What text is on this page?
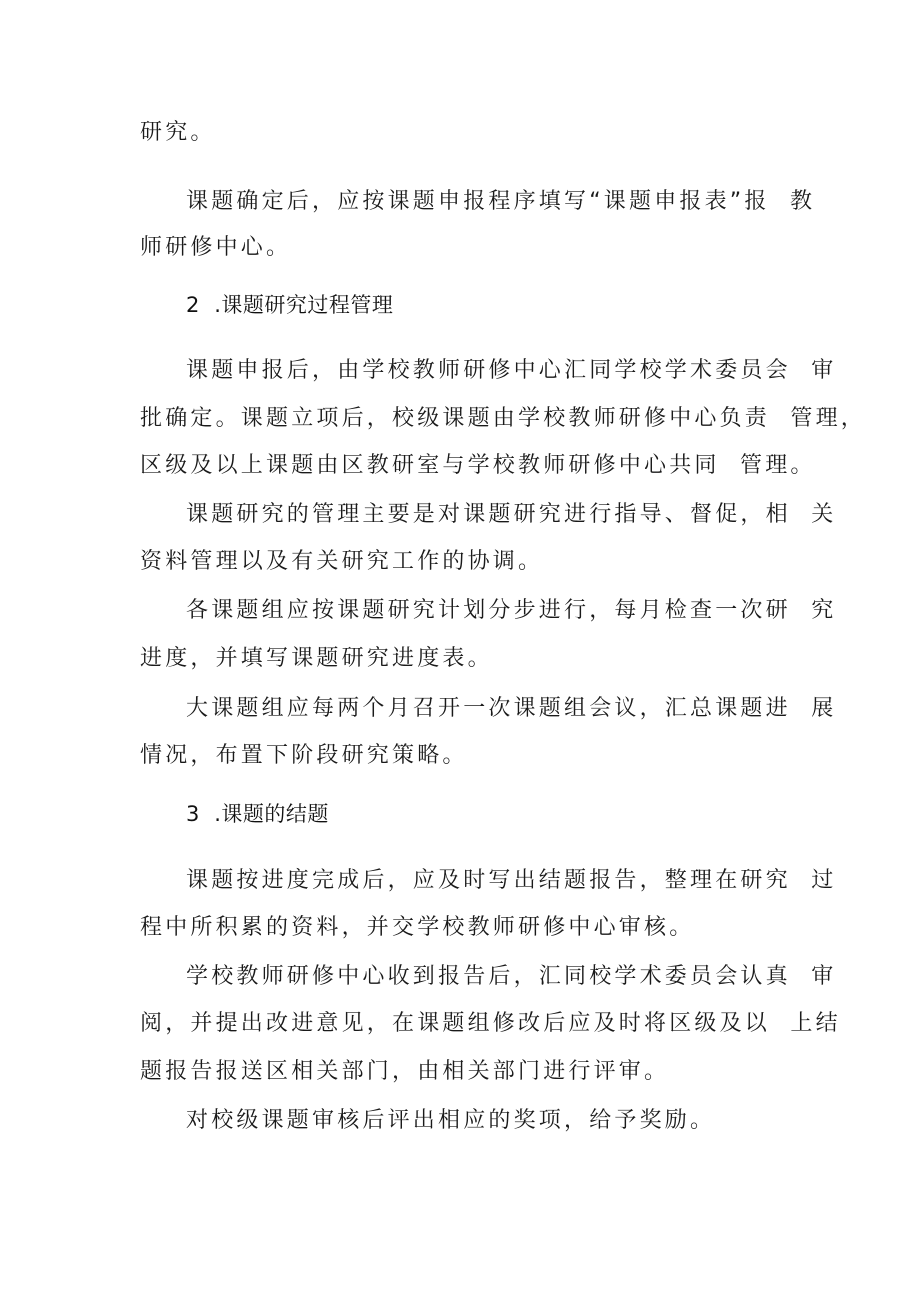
研究。
课题确定后，应按课题申报程序填写“课题申报表”报  教
师研修中心。
2  .课题研究过程管理
课题申报后，由学校教师研修中心汇同学校学术委员会  审
批确定。课题立项后，校级课题由学校教师研修中心负责  管理，
区级及以上课题由区教研室与学校教师研修中心共同  管理。
课题研究的管理主要是对课题研究进行指导、督促，相  关
资料管理以及有关研究工作的协调。
各课题组应按课题研究计划分步进行，每月检查一次研  究
进度，并填写课题研究进度表。
大课题组应每两个月召开一次课题组会议，汇总课题进  展
情况，布置下阶段研究策略。
3  .课题的结题
课题按进度完成后，应及时写出结题报告，整理在研究  过
程中所积累的资料，并交学校教师研修中心审核。
学校教师研修中心收到报告后，汇同校学术委员会认真  审
阅，并提出改进意见，在课题组修改后应及时将区级及以  上结
题报告报送区相关部门，由相关部门进行评审。
对校级课题审核后评出相应的奖项，给予奖励。
